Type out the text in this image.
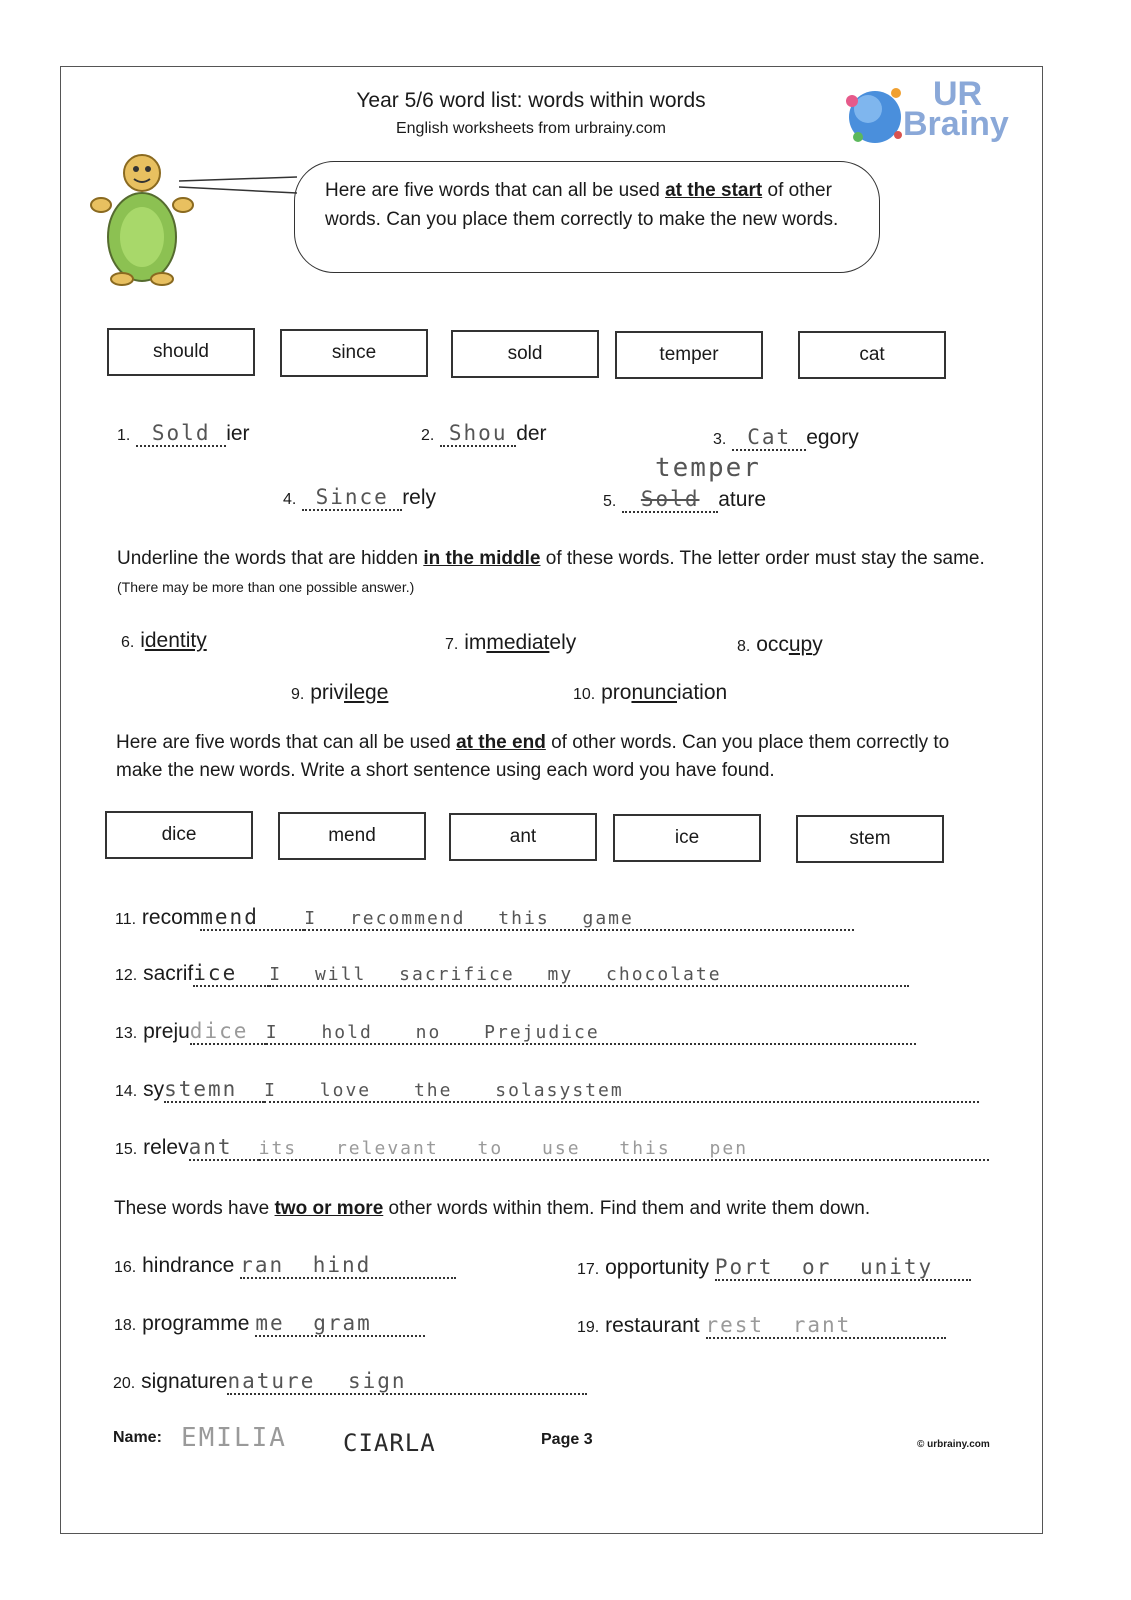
Year 5/6 word list: words within words
English worksheets from urbrainy.com
UR
Brainy
Here are five words that can all be used at the start of other words. Can you place them correctly to make the new words.
should	since	sold	temper	cat
1. Sold ier	2. Shou der	3. Cat egory
4. Since rely
temper
5. Sold ature
Underline the words that are hidden in the middle of these words. The letter order must stay the same. (There may be more than one possible answer.)
6. identity	7. immediately	8. occupy
9. privilege	10. pronunciation
Here are five words that can all be used at the end of other words. Can you place them correctly to make the new words. Write a short sentence using each word you have found.
dice	mend	ant	ice	stem
11. recommend	I recommend this game
12. sacrifice I will sacrifice my chocolate
13. prejudice I hold no Prejudice
14. systemn I love the solasystem
15. relevant its relevant to use this pen
These words have two or more other words within them. Find them and write them down.
16. hindrance ran hind	17. opportunity Port or unity
18. programme me gram	19. restaurant rest rant
20. signaturenature sign
Name: EMILIA CIARLA	Page 3	© urbrainy.com
